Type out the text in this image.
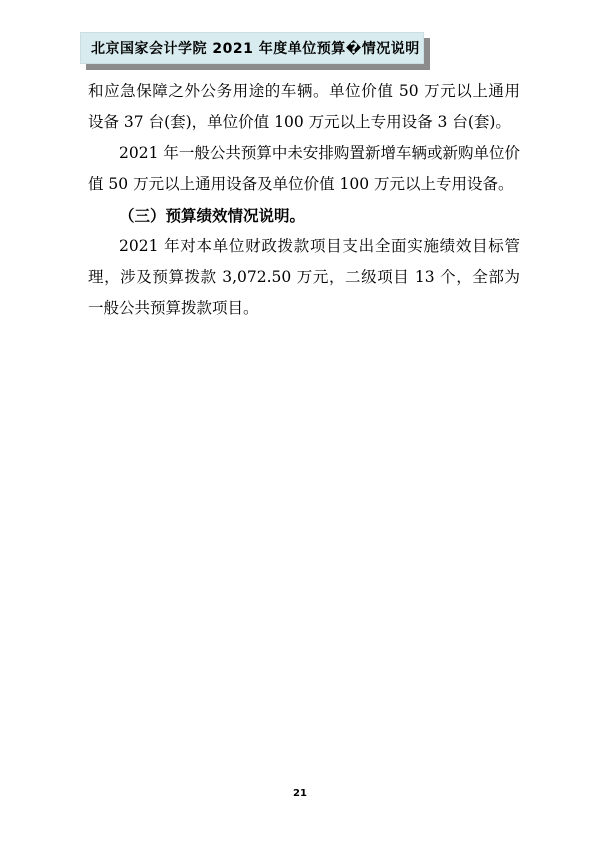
北京国家会计学院 2021 年度单位预算�情况说明

和应急保障之外公务用途的车辆。单位价值 50 万元以上通用设备 37 台(套)，单位价值 100 万元以上专用设备 3 台(套)。

2021 年一般公共预算中未安排购置新增车辆或新购单位价值 50 万元以上通用设备及单位价值 100 万元以上专用设备。

（三）预算绩效情况说明。

2021 年对本单位财政拨款项目支出全面实施绩效目标管理，涉及预算拨款 3,072.50 万元，二级项目 13 个，全部为一般公共预算拨款项目。

21
